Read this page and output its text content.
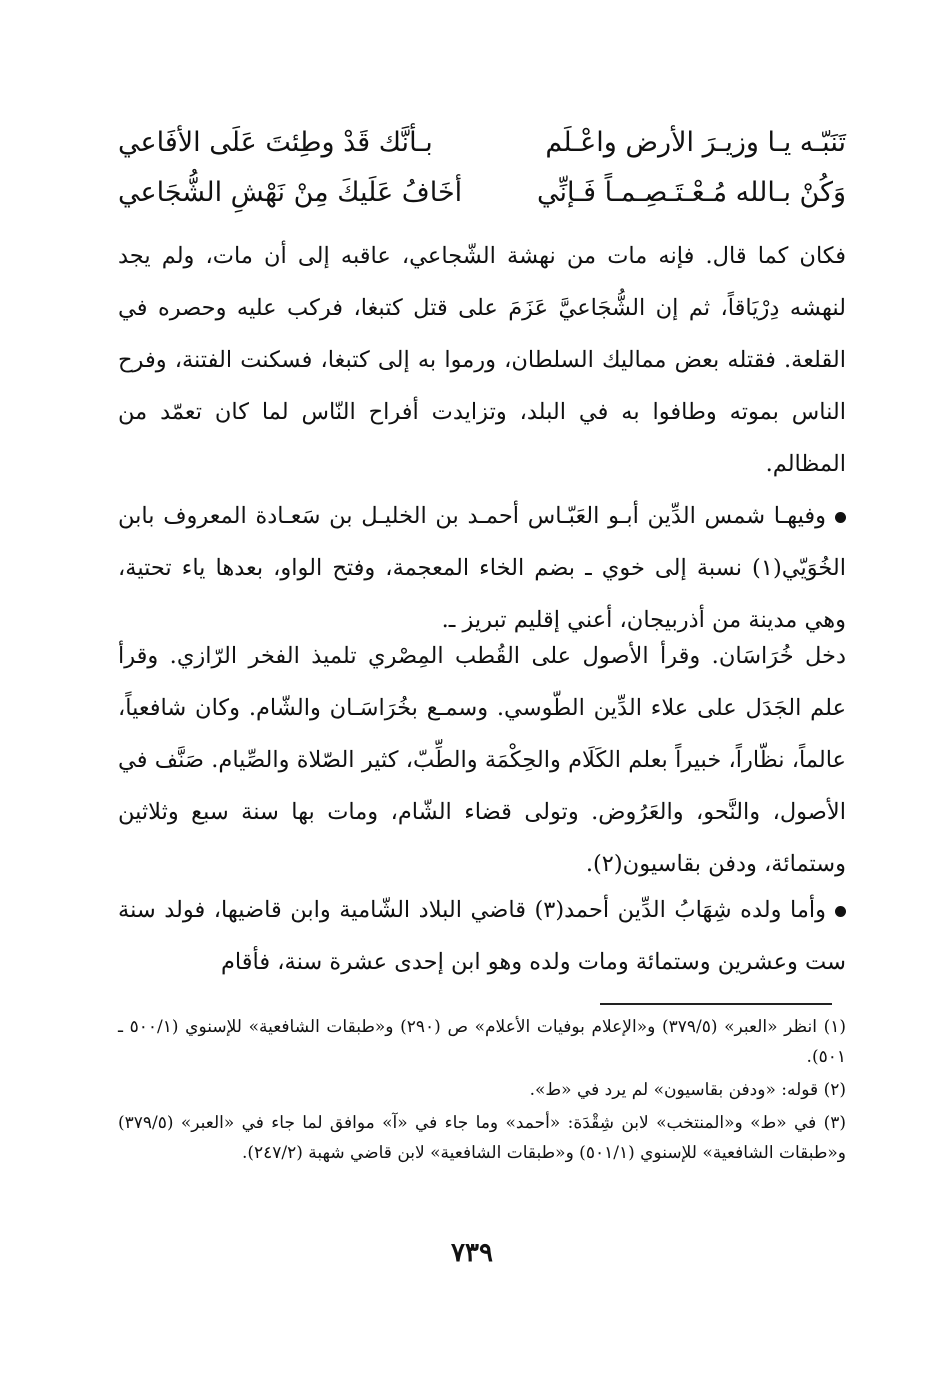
تَنَبّـه يـا وزيـرَ الأرض واعْـلَم
بـأنَّك قَدْ وطِئتَ عَلَى الأفَاعي
وَكُنْ بـالله مُـعْـتَـصِـمـاً فَـإنِّي
أخَافُ عَلَيكَ مِنْ نَهْشِ الشُّجَاعي

فكان كما قال. فإنه مات من نهشة الشّجاعي، عاقبه إلى أن مات، ولم يجد لنهشه دِرْيَاقاً، ثم إن الشُّجَاعيَّ عَزَمَ على قتل كتبغا، فركب عليه وحصره في القلعة. فقتله بعض مماليك السلطان، ورموا به إلى كتبغا، فسكنت الفتنة، وفرح الناس بموته وطافوا به في البلد، وتزايدت أفراح النّاس لما كان تعمّد من المظالم.

وفيهـا شمس الدِّين أبـو العَبّـاس أحمـد بن الخليـل بن سَعـادة المعروف بابن الخُوَيّي(١) نسبة إلى خوي ـ بضم الخاء المعجمة، وفتح الواو، بعدها ياء تحتية، وهي مدينة من أذربيجان، أعني إقليم تبريز ـ.

دخل خُرَاسَان. وقرأ الأصول على القُطب المِصْري تلميذ الفخر الرّازي. وقرأ علم الجَدَل على علاء الدِّين الطّوسي. وسمـع بخُرَاسَـان والشّام. وكان شافعياً، عالماً، نظّاراً، خبيراً بعلم الكَلَام والحِكْمَة والطِّبّ، كثير الصّلاة والصِّيام. صَنَّف في الأصول، والنَّحو، والعَرُوض. وتولى قضاء الشّام، ومات بها سنة سبع وثلاثين وستمائة، ودفن بقاسيون(٢).

وأما ولده شِهَابُ الدِّين أحمد(٣) قاضي البلاد الشّامية وابن قاضيها، فولد سنة ست وعشرين وستمائة ومات ولده وهو ابن إحدى عشرة سنة، فأقام

(١) انظر «العبر» (٣٧٩/٥) و«الإعلام بوفيات الأعلام» ص (٢٩٠) و«طبقات الشافعية» للإسنوي (٥٠٠/١ ـ ٥٠١).

(٢) قوله: «ودفن بقاسيون» لم يرد في «ط».

(٣) في «ط» و«المنتخب» لابن شِقْدَة: «أحمد» وما جاء في «آ» موافق لما جاء في «العبر» (٣٧٩/٥) و«طبقات الشافعية» للإسنوي (٥٠١/١) و«طبقات الشافعية» لابن قاضي شهبة (٢٤٧/٢).

٧٣٩
